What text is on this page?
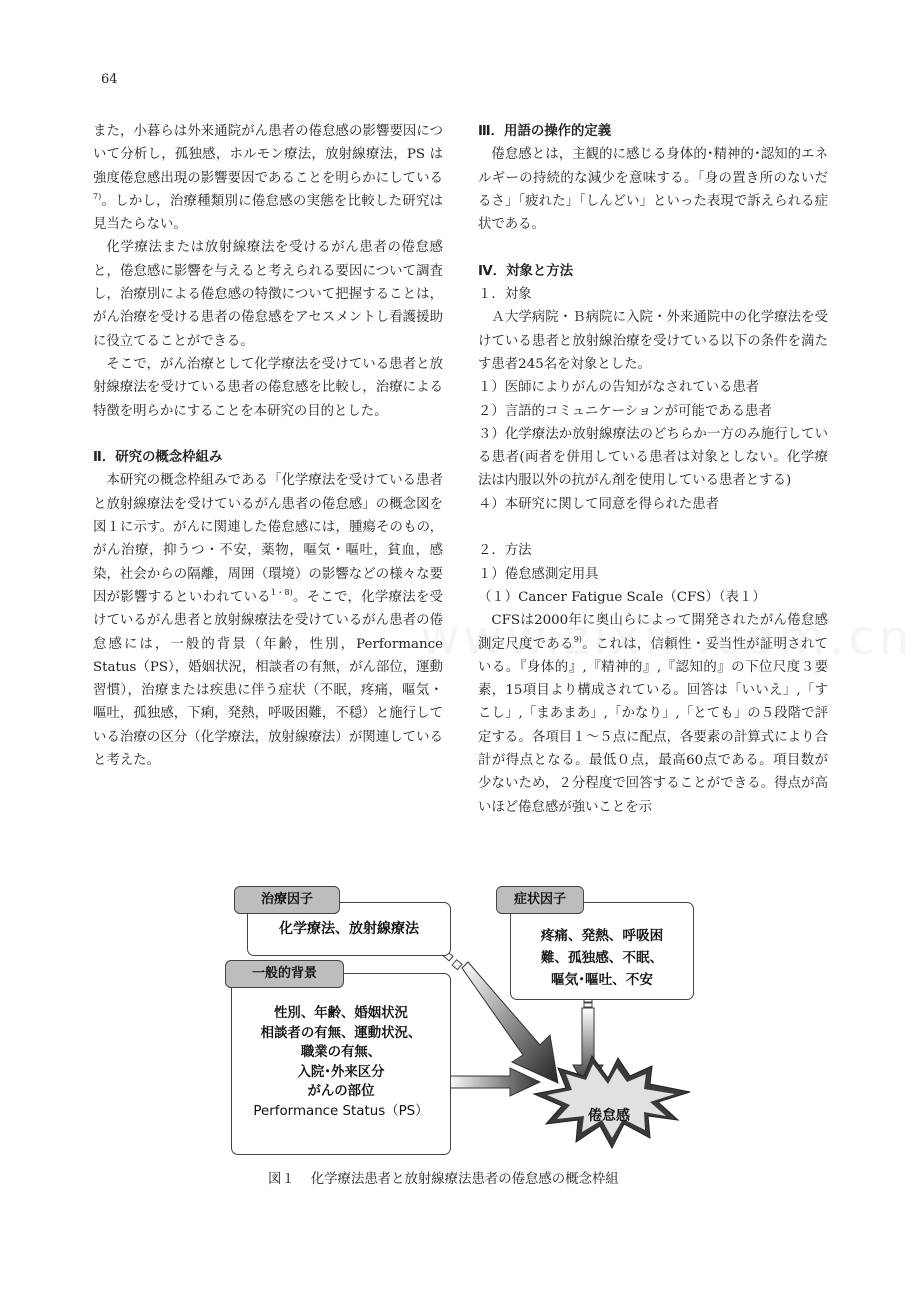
64

また，小暮らは外来通院がん患者の倦怠感の影響要因について分析し，孤独感，ホルモン療法，放射線療法，PS は強度倦怠感出現の影響要因であることを明らかにしている$^{7)}$。しかし，治療種類別に倦怠感の実態を比較した研究は見当たらない。

化学療法または放射線療法を受けるがん患者の倦怠感と，倦怠感に影響を与えると考えられる要因について調査し，治療別による倦怠感の特徴について把握することは，がん治療を受ける患者の倦怠感をアセスメントし看護援助に役立てることができる。

そこで，がん治療として化学療法を受けている患者と放射線療法を受けている患者の倦怠感を比較し，治療による特徴を明らかにすることを本研究の目的とした。

Ⅱ．研究の概念枠組み

本研究の概念枠組みである「化学療法を受けている患者と放射線療法を受けているがん患者の倦怠感」の概念図を図１に示す。がんに関連した倦怠感には，腫瘍そのもの，がん治療，抑うつ・不安，薬物，嘔気・嘔吐，貧血，感染，社会からの隔離，周囲（環境）の影響などの様々な要因が影響するといわれている$^{1・8)}$。そこで，化学療法を受けているがん患者と放射線療法を受けているがん患者の倦怠感には，一般的背景（年齢，性別，Performance Status（PS），婚姻状況，相談者の有無，がん部位，運動習慣），治療または疾患に伴う症状（不眠，疼痛，嘔気・嘔吐，孤独感，下痢，発熱，呼吸困難，不穏）と施行している治療の区分（化学療法，放射線療法）が関連していると考えた。

Ⅲ．用語の操作的定義

倦怠感とは，主観的に感じる身体的･精神的･認知的エネルギーの持続的な減少を意味する。「身の置き所のないだるさ」「疲れた」「しんどい」といった表現で訴えられる症状である。

Ⅳ．対象と方法

１．対象

Ａ大学病院・Ｂ病院に入院・外来通院中の化学療法を受けている患者と放射線治療を受けている以下の条件を満たす患者245名を対象とした。

１）医師によりがんの告知がなされている患者

２）言語的コミュニケーションが可能である患者

３）化学療法か放射線療法のどちらか一方のみ施行している患者(両者を併用している患者は対象としない。化学療法は内服以外の抗がん剤を使用している患者とする)

４）本研究に関して同意を得られた患者

２．方法

１）倦怠感測定用具

（１）Cancer Fatigue Scale（CFS）（表１）

CFSは2000年に奥山らによって開発されたがん倦怠感測定尺度である$^{9)}$。これは，信頼性・妥当性が証明されている。『身体的』,『精神的』,『認知的』の下位尺度３要素，15項目より構成されている。回答は「いいえ」,「すこし」,「まあまあ」,「かなり」,「とても」の５段階で評定する。各項目１～５点に配点，各要素の計算式により合計が得点となる。最低０点，最高60点である。項目数が少ないため，２分程度で回答することができる。得点が高いほど倦怠感が強いことを示

化学療法、放射線療法
治療因子
疼痛、発熱、呼吸困
難、孤独感、不眠、
嘔気･嘔吐、不安
症状因子
性別、年齢、婚姻状況
相談者の有無、運動状況、
職業の有無、
入院･外来区分
がんの部位
Performance Status（PS）
一般的背景
倦怠感
図１ 化学療法患者と放射線療法患者の倦怠感の概念枠組
